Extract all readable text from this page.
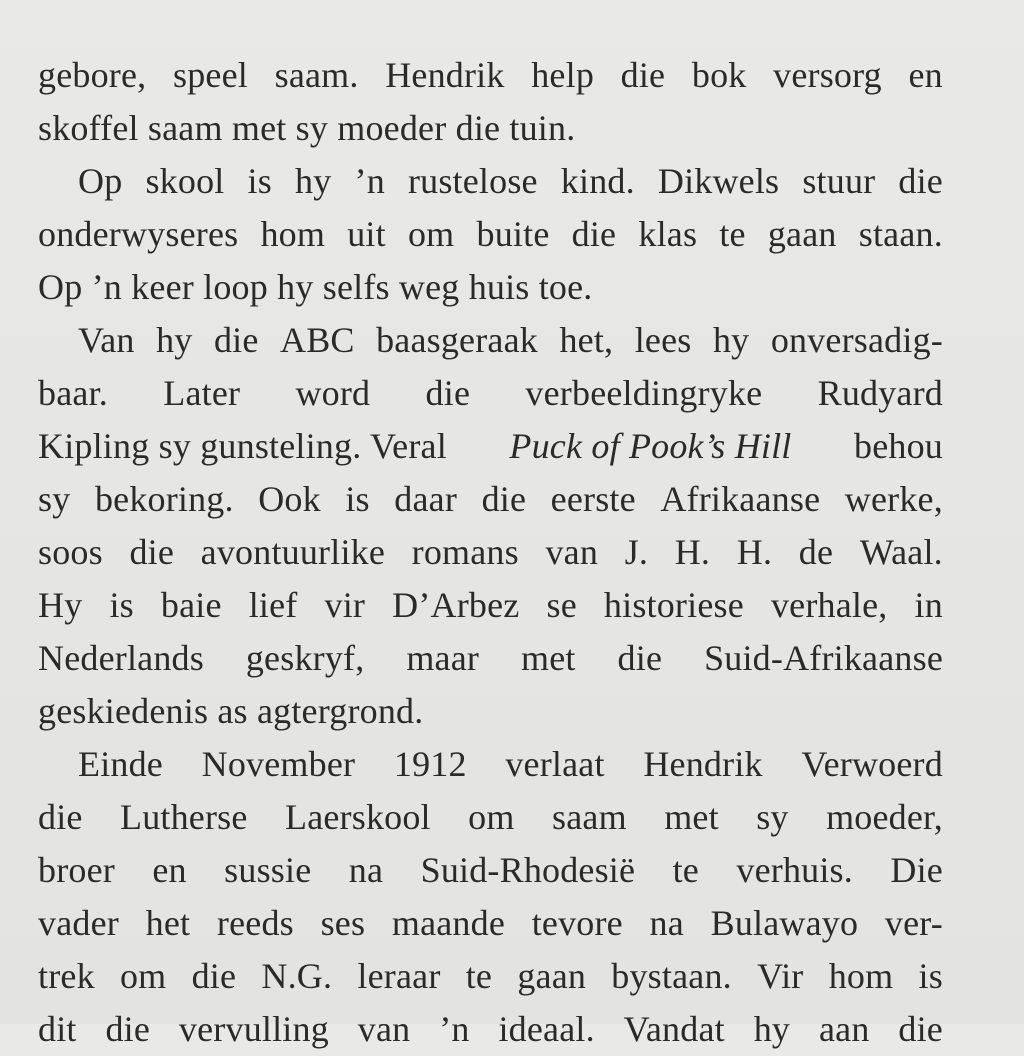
gebore, speel saam. Hendrik help die bok versorg en
skoffel saam met sy moeder die tuin.
Op skool is hy ’n rustelose kind. Dikwels stuur die
onderwyseres hom uit om buite die klas te gaan staan.
Op ’n keer loop hy selfs weg huis toe.
Van hy die ABC baasgeraak het, lees hy onversadig-
baar. Later word die verbeeldingryke Rudyard
Kipling sy gunsteling. Veral Puck of Pook’s Hill behou
sy bekoring. Ook is daar die eerste Afrikaanse werke,
soos die avontuurlike romans van J. H. H. de Waal.
Hy is baie lief vir D’Arbez se historiese verhale, in
Nederlands geskryf, maar met die Suid-Afrikaanse
geskiedenis as agtergrond.
Einde November 1912 verlaat Hendrik Verwoerd
die Lutherse Laerskool om saam met sy moeder,
broer en sussie na Suid-Rhodesië te verhuis. Die
vader het reeds ses maande tevore na Bulawayo ver-
trek om die N.G. leraar te gaan bystaan. Vir hom is
dit die vervulling van ’n ideaal. Vandat hy aan die
